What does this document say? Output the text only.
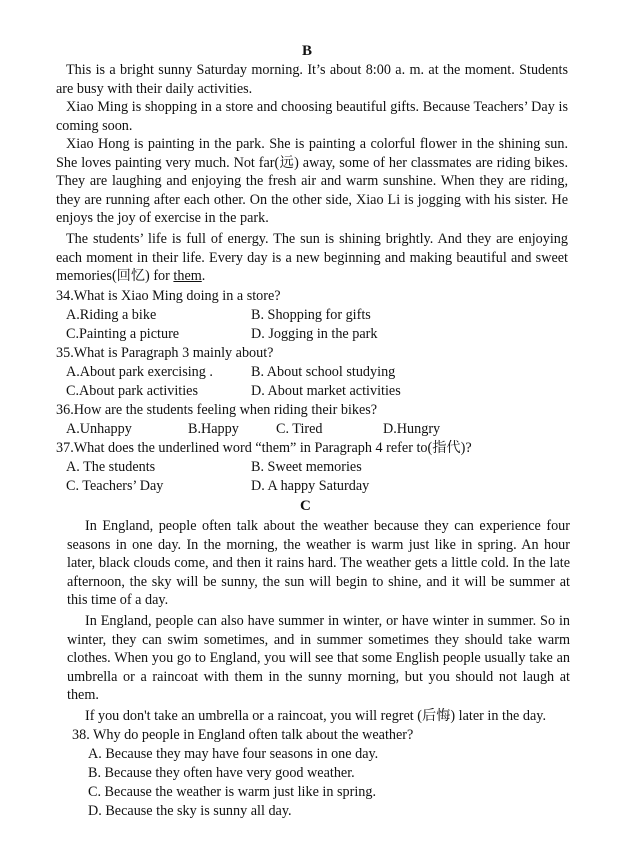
B
This is a bright sunny Saturday morning. It’s about 8:00 a. m. at the moment. Students are busy with their daily activities.
Xiao Ming is shopping in a store and choosing beautiful gifts. Because Teachers’ Day is coming soon.
Xiao Hong is painting in the park. She is painting a colorful flower in the shining sun. She loves painting very much. Not far(远) away, some of her classmates are riding bikes. They are laughing and enjoying the fresh air and warm sunshine. When they are riding, they are running after each other. On the other side, Xiao Li is jogging with his sister. He enjoys the joy of exercise in the park.
The students’ life is full of energy. The sun is shining brightly. And they are enjoying each moment in their life. Every day is a new beginning and making beautiful and sweet memories(回忆) for them.
34.What is Xiao Ming doing in a store?
A.Riding a bike	B. Shopping for gifts
C.Painting a picture	D. Jogging in the park
35.What is Paragraph 3 mainly about?
A.About park exercising .	B. About school studying
C.About park activities	D. About market activities
36.How are the students feeling when riding their bikes?
A.Unhappy	B.Happy	C. Tired	D.Hungry
37.What does the underlined word “them” in Paragraph 4 refer to(指代)?
A. The students	B. Sweet memories
C. Teachers’ Day	D. A happy Saturday
C
In England, people often talk about the weather because they can experience four seasons in one day. In the morning, the weather is warm just like in spring. An hour later, black clouds come, and then it rains hard. The weather gets a little cold. In the late afternoon, the sky will be sunny, the sun will begin to shine, and it will be summer at this time of a day.
In England, people can also have summer in winter, or have winter in summer. So in winter, they can swim sometimes, and in summer sometimes they should take warm clothes. When you go to England, you will see that some English people usually take an umbrella or a raincoat with them in the sunny morning, but you should not laugh at them.
If you don't take an umbrella or a raincoat, you will regret (后悔) later in the day.
38. Why do people in England often talk about the weather?
A. Because they may have four seasons in one day.
B. Because they often have very good weather.
C. Because the weather is warm just like in spring.
D. Because the sky is sunny all day.
